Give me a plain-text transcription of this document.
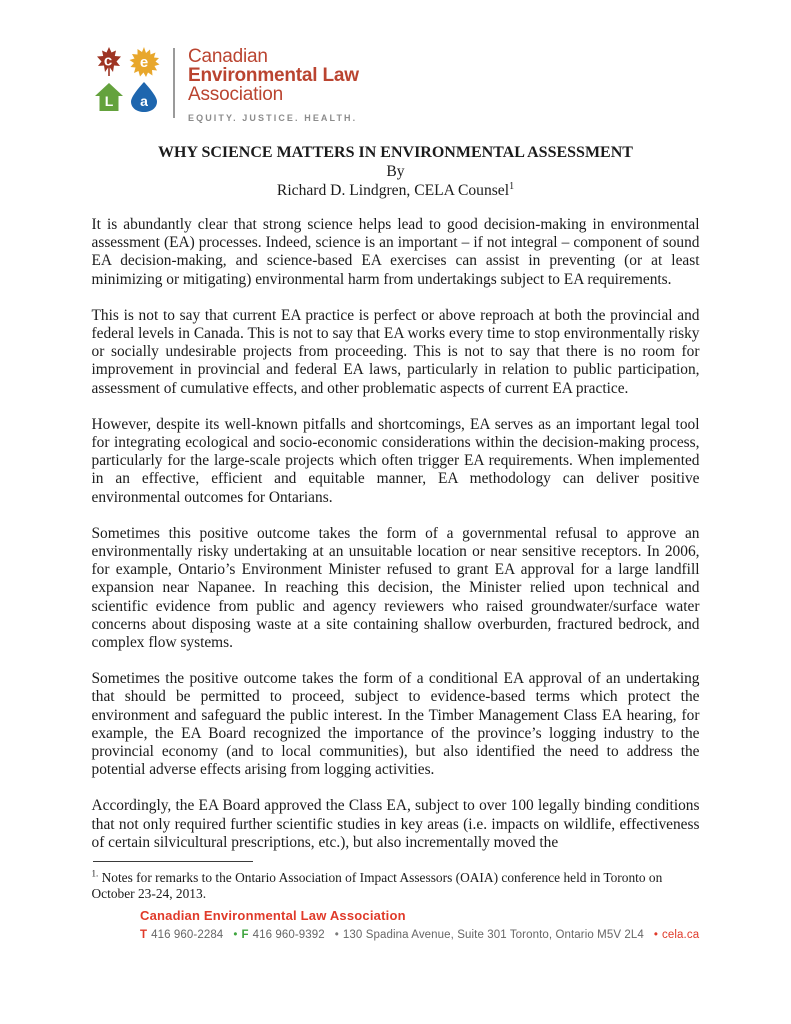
c e
L a
Canadian
Environmental Law
Association
EQUITY. JUSTICE. HEALTH.
WHY SCIENCE MATTERS IN ENVIRONMENTAL ASSESSMENT
By
Richard D. Lindgren, CELA Counsel$^1$

It is abundantly clear that strong science helps lead to good decision-making in environmental assessment (EA) processes. Indeed, science is an important – if not integral – component of sound EA decision-making, and science-based EA exercises can assist in preventing (or at least minimizing or mitigating) environmental harm from undertakings subject to EA requirements.

This is not to say that current EA practice is perfect or above reproach at both the provincial and federal levels in Canada. This is not to say that EA works every time to stop environmentally risky or socially undesirable projects from proceeding. This is not to say that there is no room for improvement in provincial and federal EA laws, particularly in relation to public participation, assessment of cumulative effects, and other problematic aspects of current EA practice.

However, despite its well-known pitfalls and shortcomings, EA serves as an important legal tool for integrating ecological and socio-economic considerations within the decision-making process, particularly for the large-scale projects which often trigger EA requirements. When implemented in an effective, efficient and equitable manner, EA methodology can deliver positive environmental outcomes for Ontarians.

Sometimes this positive outcome takes the form of a governmental refusal to approve an environmentally risky undertaking at an unsuitable location or near sensitive receptors. In 2006, for example, Ontario’s Environment Minister refused to grant EA approval for a large landfill expansion near Napanee. In reaching this decision, the Minister relied upon technical and scientific evidence from public and agency reviewers who raised groundwater/surface water concerns about disposing waste at a site containing shallow overburden, fractured bedrock, and complex flow systems.

Sometimes the positive outcome takes the form of a conditional EA approval of an undertaking that should be permitted to proceed, subject to evidence-based terms which protect the environment and safeguard the public interest. In the Timber Management Class EA hearing, for example, the EA Board recognized the importance of the province’s logging industry to the provincial economy (and to local communities), but also identified the need to address the potential adverse effects arising from logging activities.

Accordingly, the EA Board approved the Class EA, subject to over 100 legally binding conditions that not only required further scientific studies in key areas (i.e. impacts on wildlife, effectiveness of certain silvicultural prescriptions, etc.), but also incrementally moved the

$^{1.}$ Notes for remarks to the Ontario Association of Impact Assessors (OAIA) conference held in Toronto on October 23-24, 2013.
Canadian Environmental Law Association
T 416 960-2284 • F 416 960-9392 • 130 Spadina Avenue, Suite 301 Toronto, Ontario M5V 2L4 • cela.ca
